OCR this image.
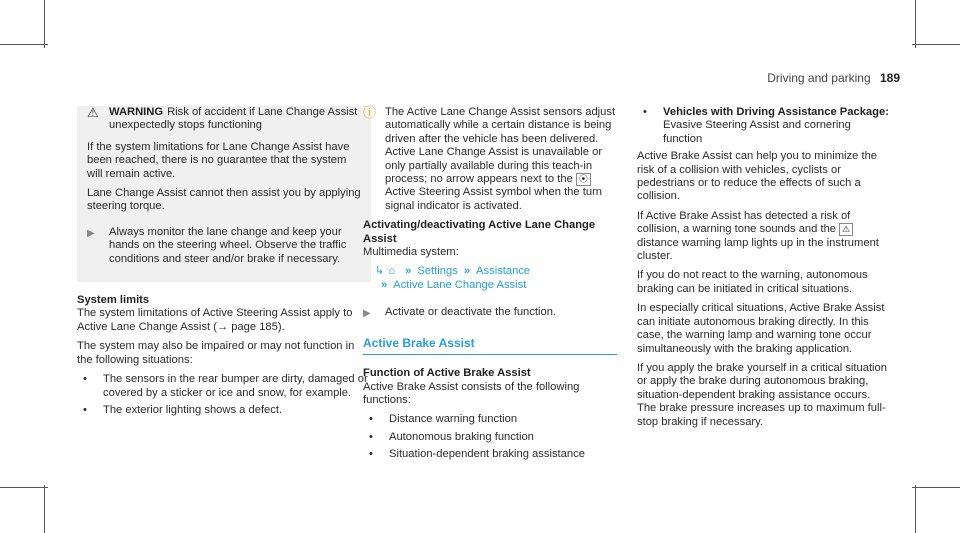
Driving and parking 189
⚠ WARNING Risk of accident if Lane Change Assist unexpectedly stops functioning

If the system limitations for Lane Change Assist have been reached, there is no guarantee that the system will remain active.

Lane Change Assist cannot then assist you by applying steering torque.

▶	Always monitor the lane change and keep your hands on the steering wheel. Observe the traffic conditions and steer and/or brake if necessary.

System limits

The system limitations of Active Steering Assist apply to Active Lane Change Assist (→ page 185).

The system may also be impaired or may not function in the following situations:

•	The sensors in the rear bumper are dirty, damaged or covered by a sticker or ice and snow, for example.
•	The exterior lighting shows a defect.
ⓘ The Active Lane Change Assist sensors adjust automatically while a certain distance is being driven after the vehicle has been delivered. Active Lane Change Assist is unavailable or only partially available during this teach-in process; no arrow appears next to the ⦿Active Steering Assist symbol when the turn signal indicator is activated.

Activating/deactivating Active Lane Change Assist

Multimedia system:

↳ ⌂ » Settings » Assistance
» Active Lane Change Assist
▶	Activate or deactivate the function.
Active Brake Assist

Function of Active Brake Assist

Active Brake Assist consists of the following functions:

•	Distance warning function
•	Autonomous braking function
•	Situation-dependent braking assistance
•	Vehicles with Driving Assistance Package: Evasive Steering Assist and cornering function

Active Brake Assist can help you to minimize the risk of a collision with vehicles, cyclists or pedestrians or to reduce the effects of such a collision.

If Active Brake Assist has detected a risk of collision, a warning tone sounds and the ⚠distance warning lamp lights up in the instrument cluster.

If you do not react to the warning, autonomous braking can be initiated in critical situations.

In especially critical situations, Active Brake Assist can initiate autonomous braking directly. In this case, the warning lamp and warning tone occur simultaneously with the braking application.

If you apply the brake yourself in a critical situation or apply the brake during autonomous braking, situation-dependent braking assistance occurs. The brake pressure increases up to maximum full-stop braking if necessary.
